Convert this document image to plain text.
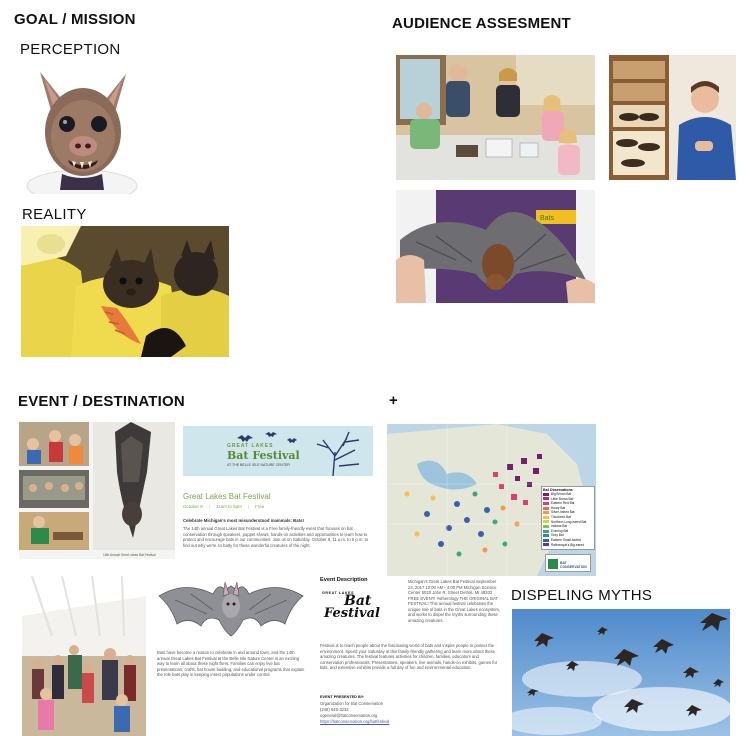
GOAL / MISSION
PERCEPTION
REALITY
AUDIENCE ASSESMENT
EVENT / DESTINATION	+
DISPELING MYTHS
Bats
14th Annual Great Lakes Bat Festival
GREAT LAKES
Bat Festival
AT THE BELLE ISLE NATURE CENTER
Great Lakes Bat Festival
October 8 | 11am to 5pm | Free
Celebrate Michigan's most misunderstood mammals: Bats!
The 14th annual Great Lakes Bat Festival is a Free family-friendly event that focuses on bat conservation through speakers, puppet shows, hands-on activities and opportunities to learn how to protect and encourage bats in our communities. Join us on Saturday, October 8, 11 a.m. to 5 p.m. to find out why we're so batty for these wonderful creatures of the night.
Bat Observations
Big Brown Bat
Little Brown Bat
Eastern Red Bat
Hoary Bat
Silver-haired Bat
Tricolored Bat
Northern Long-eared Bat
Indiana Bat
Evening Bat
Gray Bat
Eastern Small-footed
Rafinesque's Big-eared
BAT CONSERVATION
Bats have become a reason to celebrate in and around town, and the 14th annual Great Lakes Bat Festival at the Belle Isle Nature Center is an exciting way to learn all about these night fliers. Families can enjoy live bat presentations, crafts, bat house building, and educational programs that explain the role bats play in keeping insect populations under control.
Event Description
GREAT LAKES
Bat
Festival
Michigan's Great Lakes Bat Festival September 23, 2017 10:00 AM - 4:00 PM Michigan Science Center 5020 John R. Street Detroit, MI 48202 FREE EVENT! #otherology THE ORIGINAL BAT FESTIVAL! This annual festival celebrates the unique role of bats in the Great Lakes ecosystem, and works to dispel the myths surrounding these amazing creatures.
Festival is to teach people about the fascinating world of bats and inspire people to protect the environment. Spend your Saturday at this family-friendly gathering and learn more about these amazing creatures. The festival features activities for children, families, educators and conservation professionals. Presentations, speakers, live animals, hands-on exhibits, games for kids, and extensive exhibits provide a full day of fun and environmental education.
EVENT PRESENTED BY:
Organization for Bat Conservation
(248) 645-3232
ogeneral@batconservation.org
https://batconservation.org/batfestival
